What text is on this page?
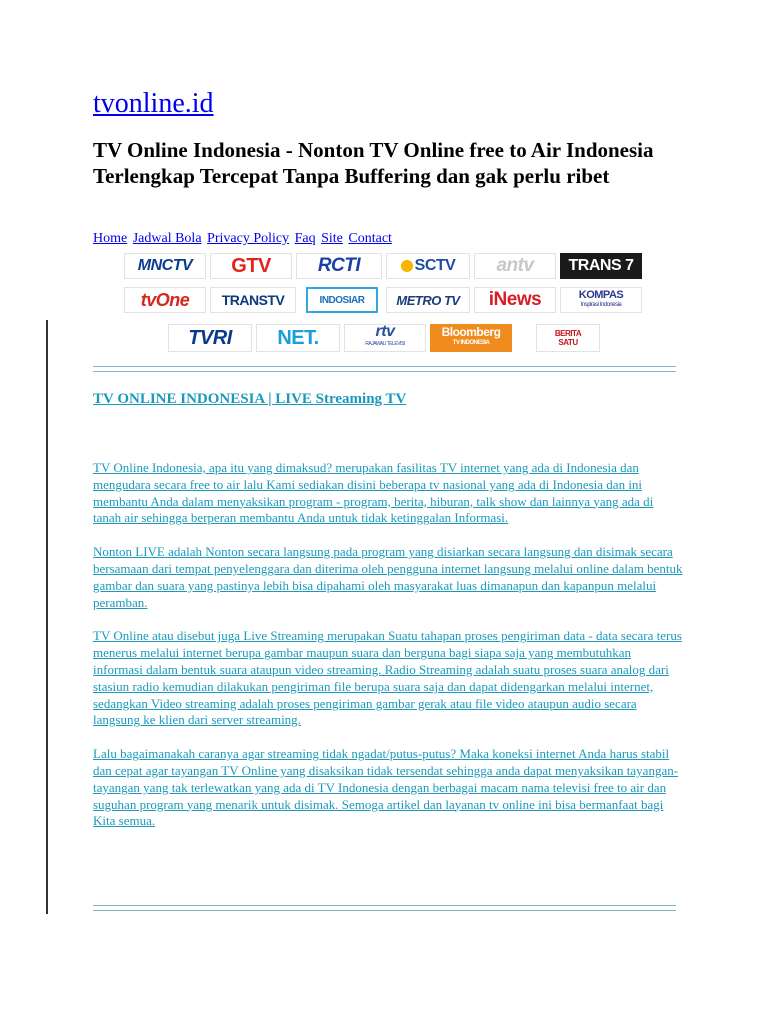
tvonline.id
TV Online Indonesia - Nonton TV Online free to Air Indonesia Terlengkap Tercepat Tanpa Buffering dan gak perlu ribet
Home Jadwal Bola Privacy Policy Faq Site Contact
MNCTV GTV RCTI	SCTV antv TRANS 7
tvOne TRANSTV	INDOSIAR METRO TV iNews	KOMPAS
Inspirasi Indonesia
TVRI NET.	rtv
RAJAWALI TELEVISI
Bloomberg
TV INDONESIA
BERITA SATU
TV ONLINE INDONESIA | LIVE Streaming TV

TV Online Indonesia, apa itu yang dimaksud? merupakan fasilitas TV internet yang ada di Indonesia dan mengudara secara free to air lalu Kami sediakan disini beberapa tv nasional yang ada di Indonesia dan ini membantu Anda dalam menyaksikan program - program, berita, hiburan, talk show dan lainnya yang ada di tanah air sehingga berperan membantu Anda untuk tidak ketinggalan Informasi.

Nonton LIVE adalah Nonton secara langsung pada program yang disiarkan secara langsung dan disimak secara bersamaan dari tempat penyelenggara dan diterima oleh pengguna internet langsung melalui online dalam bentuk gambar dan suara yang pastinya lebih bisa dipahami oleh masyarakat luas dimanapun dan kapanpun melalui peramban.

TV Online atau disebut juga Live Streaming merupakan Suatu tahapan proses pengiriman data - data secara terus menerus melalui internet berupa gambar maupun suara dan berguna bagi siapa saja yang membutuhkan informasi dalam bentuk suara ataupun video streaming. Radio Streaming adalah suatu proses suara analog dari stasiun radio kemudian dilakukan pengiriman file berupa suara saja dan dapat didengarkan melalui internet, sedangkan Video streaming adalah proses pengiriman gambar gerak atau file video ataupun audio secara langsung ke klien dari server streaming.

Lalu bagaimanakah caranya agar streaming tidak ngadat/putus-putus? Maka koneksi internet Anda harus stabil dan cepat agar tayangan TV Online yang disaksikan tidak tersendat sehingga anda dapat menyaksikan tayangan-tayangan yang tak terlewatkan yang ada di TV Indonesia dengan berbagai macam nama televisi free to air dan suguhan program yang menarik untuk disimak. Semoga artikel dan layanan tv online ini bisa bermanfaat bagi Kita semua.
